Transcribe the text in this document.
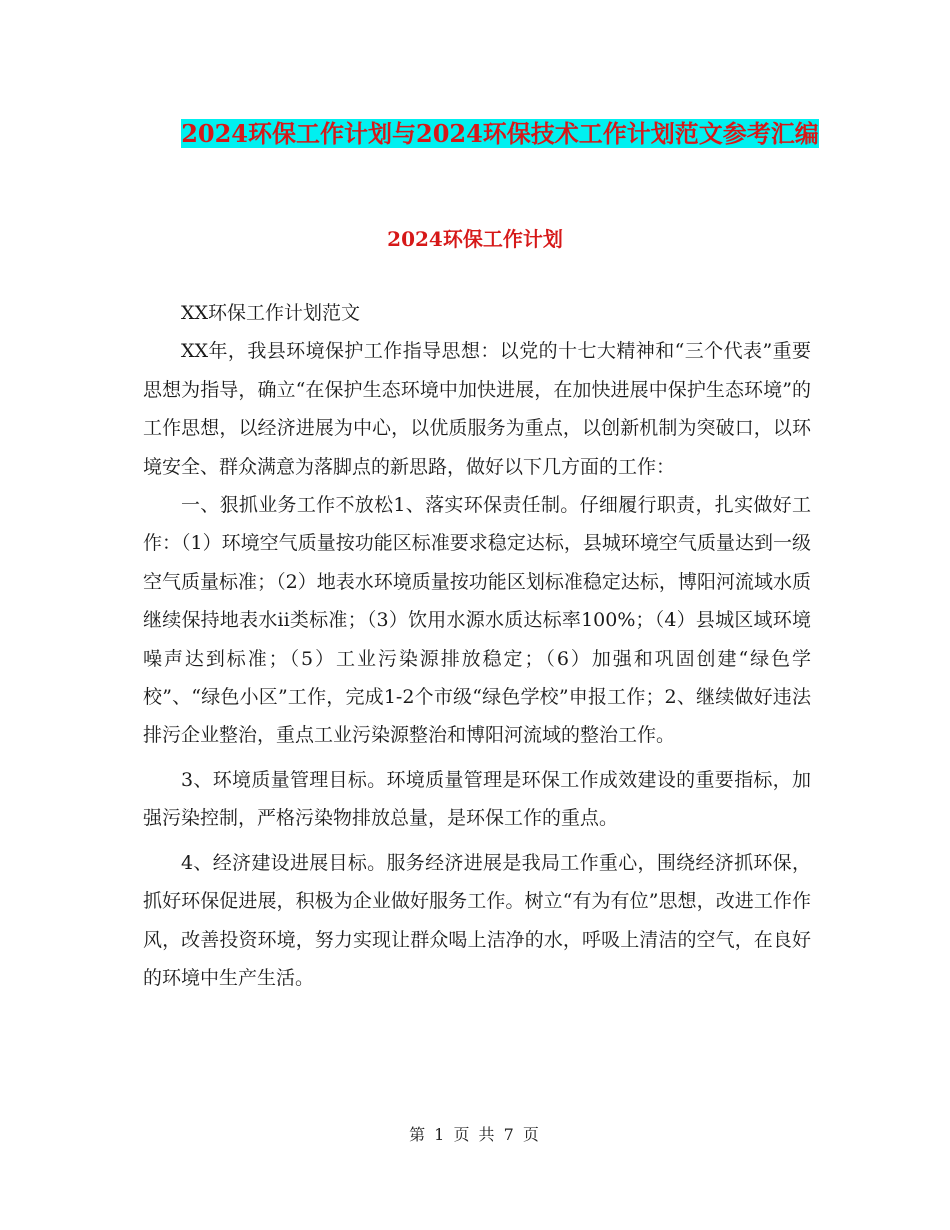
2024环保工作计划与2024环保技术工作计划范文参考汇编
2024环保工作计划

XX环保工作计划范文

XX年，我县环境保护工作指导思想：以党的十七大精神和“三个代表”重要思想为指导，确立“在保护生态环境中加快进展，在加快进展中保护生态环境”的工作思想，以经济进展为中心，以优质服务为重点，以创新机制为突破口，以环境安全、群众满意为落脚点的新思路，做好以下几方面的工作：

一、狠抓业务工作不放松1、落实环保责任制。仔细履行职责，扎实做好工作：（1）环境空气质量按功能区标准要求稳定达标，县城环境空气质量达到一级空气质量标准；（2）地表水环境质量按功能区划标准稳定达标，博阳河流域水质继续保持地表水ii类标准；（3）饮用水源水质达标率100%；（4）县城区域环境噪声达到标准；（5）工业污染源排放稳定；（6）加强和巩固创建“绿色学校”、“绿色小区”工作，完成1-2个市级“绿色学校”申报工作；2、继续做好违法排污企业整治，重点工业污染源整治和博阳河流域的整治工作。

3、环境质量管理目标。环境质量管理是环保工作成效建设的重要指标，加强污染控制，严格污染物排放总量，是环保工作的重点。

4、经济建设进展目标。服务经济进展是我局工作重心，围绕经济抓环保，抓好环保促进展，积极为企业做好服务工作。树立“有为有位”思想，改进工作作风，改善投资环境，努力实现让群众喝上洁净的水，呼吸上清洁的空气，在良好的环境中生产生活。

第 1 页 共 7 页
